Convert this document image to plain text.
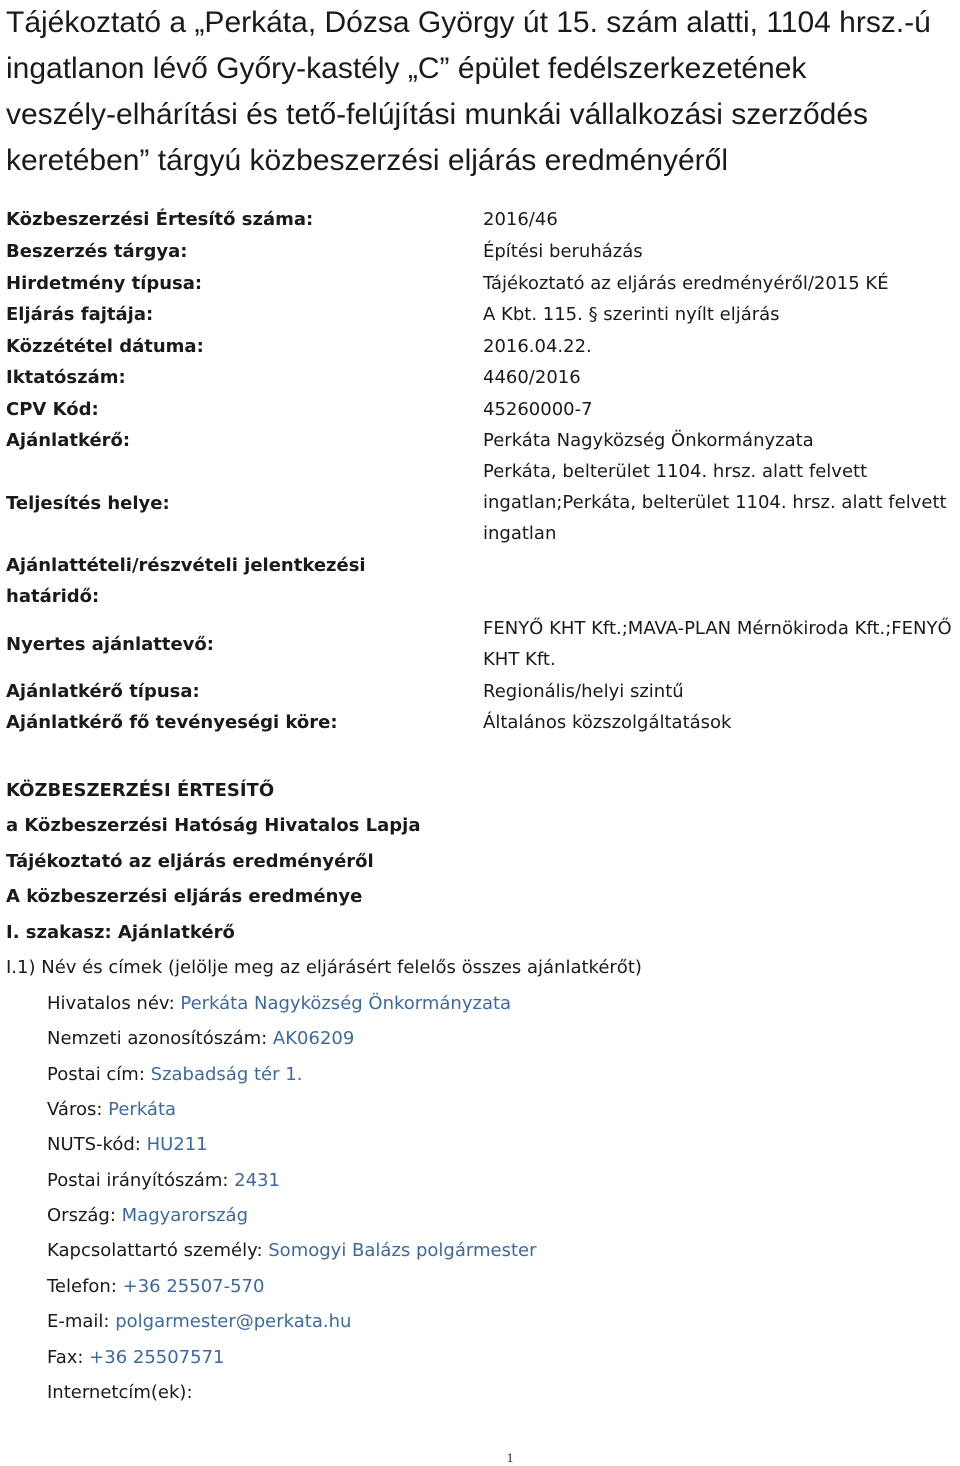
Tájékoztató a „Perkáta, Dózsa György út 15. szám alatti, 1104 hrsz.-ú
ingatlanon lévő Győry-kastély „C” épület fedélszerkezetének
veszély-elhárítási és tető-felújítási munkái vállalkozási szerződés
keretében” tárgyú közbeszerzési eljárás eredményéről
Közbeszerzési Értesítő száma:	2016/46
Beszerzés tárgya:	Építési beruházás
Hirdetmény típusa:	Tájékoztató az eljárás eredményéről/2015 KÉ
Eljárás fajtája:	A Kbt. 115. § szerinti nyílt eljárás
Közzététel dátuma:	2016.04.22.
Iktatószám:	4460/2016
CPV Kód:	45260000-7
Ajánlatkérő:	Perkáta Nagyközség Önkormányzata
Teljesítés helye:
Perkáta, belterület 1104. hrsz. alatt felvett ingatlan;Perkáta, belterület 1104. hrsz. alatt felvett ingatlan
Ajánlattételi/részvételi jelentkezési határidő:
Nyertes ajánlattevő:
FENYŐ KHT Kft.;MAVA-PLAN Mérnökiroda Kft.;FENYŐ KHT Kft.
Ajánlatkérő típusa:	Regionális/helyi szintű
Ajánlatkérő fő tevényeségi köre:	Általános közszolgáltatások
KÖZBESZERZÉSI ÉRTESÍTŐ
a Közbeszerzési Hatóság Hivatalos Lapja
Tájékoztató az eljárás eredményéről
A közbeszerzési eljárás eredménye
I. szakasz: Ajánlatkérő
I.1) Név és címek (jelölje meg az eljárásért felelős összes ajánlatkérőt)
Hivatalos név: Perkáta Nagyközség Önkormányzata
Nemzeti azonosítószám: AK06209
Postai cím: Szabadság tér 1.
Város: Perkáta
NUTS-kód: HU211
Postai irányítószám: 2431
Ország: Magyarország
Kapcsolattartó személy: Somogyi Balázs polgármester
Telefon: +36 25507-570
E-mail: polgarmester@perkata.hu
Fax: +36 25507571
Internetcím(ek):
1
